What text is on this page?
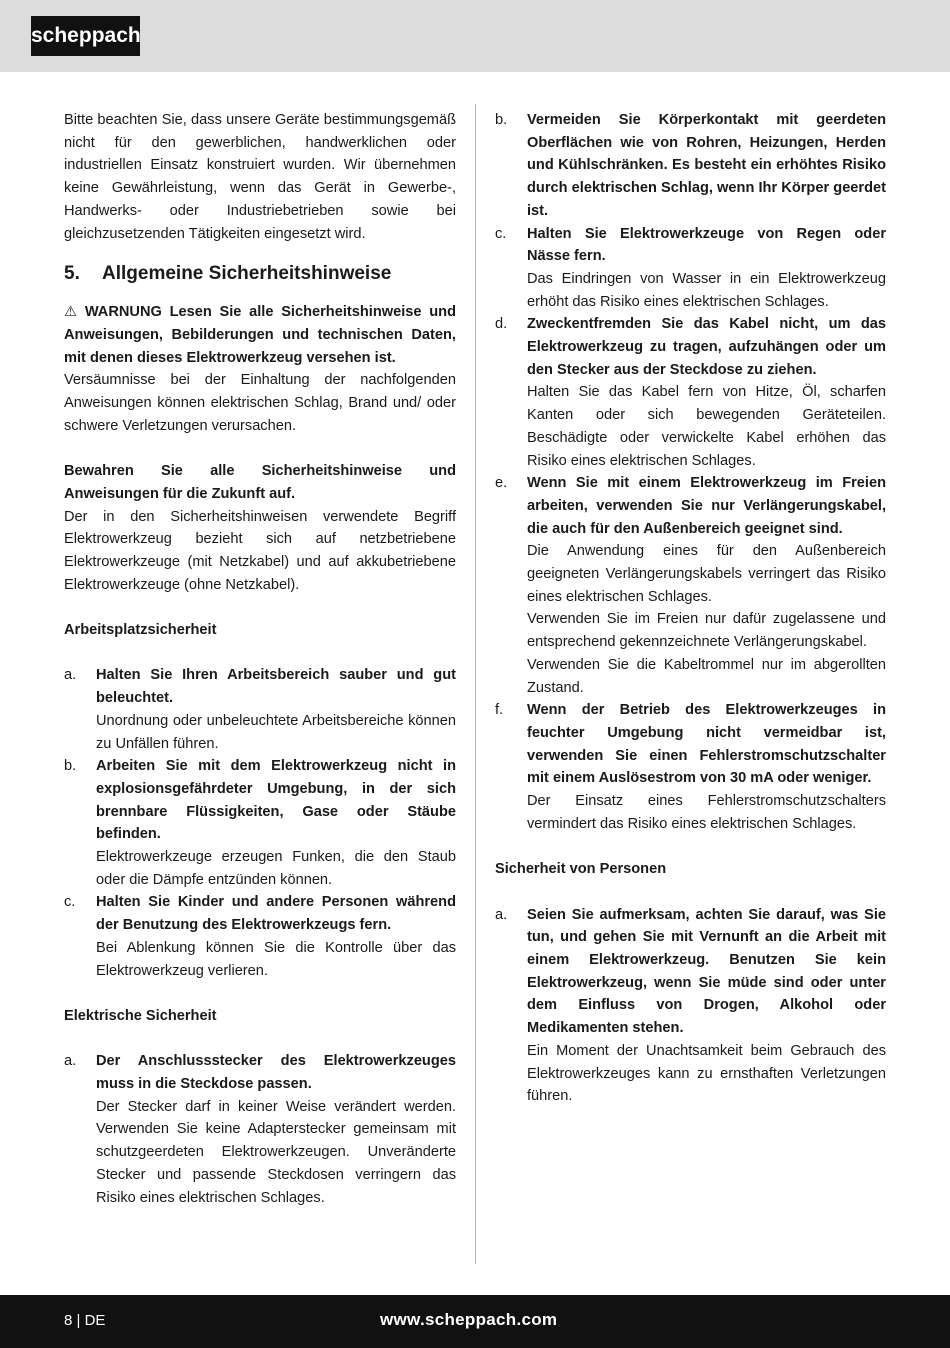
scheppach

Bitte beachten Sie, dass unsere Geräte bestimmungsgemäß nicht für den gewerblichen, handwerklichen oder industriellen Einsatz konstruiert wurden. Wir übernehmen keine Gewährleistung, wenn das Gerät in Gewerbe-, Handwerks- oder Industriebetrieben sowie bei gleichzusetzenden Tätigkeiten eingesetzt wird.

5. Allgemeine Sicherheitshinweise

⚠ WARNUNG Lesen Sie alle Sicherheitshinweise und Anweisungen, Bebilderungen und technischen Daten, mit denen dieses Elektrowerkzeug versehen ist.

Versäumnisse bei der Einhaltung der nachfolgenden Anweisungen können elektrischen Schlag, Brand und/ oder schwere Verletzungen verursachen.

Bewahren Sie alle Sicherheitshinweise und Anweisungen für die Zukunft auf.

Der in den Sicherheitshinweisen verwendete Begriff Elektrowerkzeug bezieht sich auf netzbetriebene Elektrowerkzeuge (mit Netzkabel) und auf akkubetriebene Elektrowerkzeuge (ohne Netzkabel).

Arbeitsplatzsicherheit
a.	Halten Sie Ihren Arbeitsbereich sauber und gut beleuchtet.

Unordnung oder unbeleuchtete Arbeitsbereiche können zu Unfällen führen.

b.	Arbeiten Sie mit dem Elektrowerkzeug nicht in explosionsgefährdeter Umgebung, in der sich brennbare Flüssigkeiten, Gase oder Stäube befinden.

Elektrowerkzeuge erzeugen Funken, die den Staub oder die Dämpfe entzünden können.

c.	Halten Sie Kinder und andere Personen während der Benutzung des Elektrowerkzeugs fern.

Bei Ablenkung können Sie die Kontrolle über das Elektrowerkzeug verlieren.

Elektrische Sicherheit
a.	Der Anschlussstecker des Elektrowerkzeuges muss in die Steckdose passen.

Der Stecker darf in keiner Weise verändert werden. Verwenden Sie keine Adapterstecker gemeinsam mit schutzgeerdeten Elektrowerkzeugen. Unveränderte Stecker und passende Steckdosen verringern das Risiko eines elektrischen Schlages.

b.	Vermeiden Sie Körperkontakt mit geerdeten Oberflächen wie von Rohren, Heizungen, Herden und Kühlschränken. Es besteht ein erhöhtes Risiko durch elektrischen Schlag, wenn Ihr Körper geerdet ist.

c.	Halten Sie Elektrowerkzeuge von Regen oder Nässe fern.

Das Eindringen von Wasser in ein Elektrowerkzeug erhöht das Risiko eines elektrischen Schlages.

d.	Zweckentfremden Sie das Kabel nicht, um das Elektrowerkzeug zu tragen, aufzuhängen oder um den Stecker aus der Steckdose zu ziehen.

Halten Sie das Kabel fern von Hitze, Öl, scharfen Kanten oder sich bewegenden Geräteteilen. Beschädigte oder verwickelte Kabel erhöhen das Risiko eines elektrischen Schlages.

e.	Wenn Sie mit einem Elektrowerkzeug im Freien arbeiten, verwenden Sie nur Verlängerungskabel, die auch für den Außenbereich geeignet sind.

Die Anwendung eines für den Außenbereich geeigneten Verlängerungskabels verringert das Risiko eines elektrischen Schlages.

Verwenden Sie im Freien nur dafür zugelassene und entsprechend gekennzeichnete Verlängerungskabel.

Verwenden Sie die Kabeltrommel nur im abgerollten Zustand.

f.	Wenn der Betrieb des Elektrowerkzeuges in feuchter Umgebung nicht vermeidbar ist, verwenden Sie einen Fehlerstromschutzschalter mit einem Auslösestrom von 30 mA oder weniger.

Der Einsatz eines Fehlerstromschutzschalters vermindert das Risiko eines elektrischen Schlages.

Sicherheit von Personen
a.	Seien Sie aufmerksam, achten Sie darauf, was Sie tun, und gehen Sie mit Vernunft an die Arbeit mit einem Elektrowerkzeug. Benutzen Sie kein Elektrowerkzeug, wenn Sie müde sind oder unter dem Einfluss von Drogen, Alkohol oder Medikamenten stehen.

Ein Moment der Unachtsamkeit beim Gebrauch des Elektrowerkzeuges kann zu ernsthaften Verletzungen führen.

8 | DE	www.scheppach.com
